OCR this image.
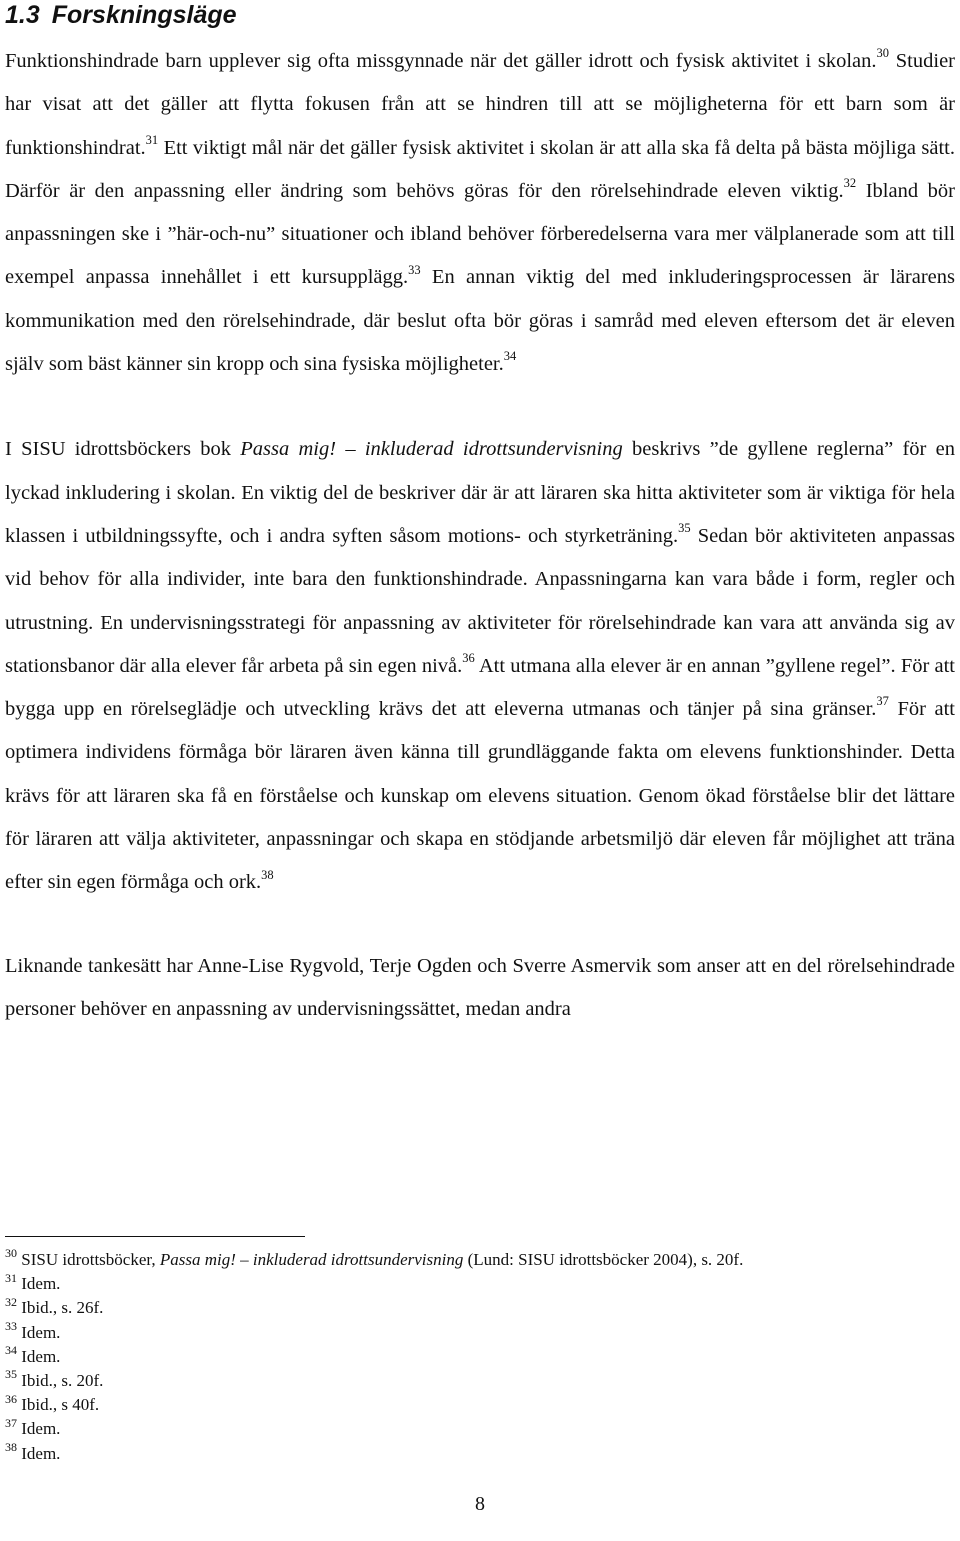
1.3 Forskningsläge

Funktionshindrade barn upplever sig ofta missgynnade när det gäller idrott och fysisk aktivitet i skolan.$^{30}$ Studier har visat att det gäller att flytta fokusen från att se hindren till att se möjligheterna för ett barn som är funktionshindrat.$^{31}$ Ett viktigt mål när det gäller fysisk aktivitet i skolan är att alla ska få delta på bästa möjliga sätt. Därför är den anpassning eller ändring som behövs göras för den rörelsehindrade eleven viktig.$^{32}$ Ibland bör anpassningen ske i ”här-och-nu” situationer och ibland behöver förberedelserna vara mer välplanerade som att till exempel anpassa innehållet i ett kursupplägg.$^{33}$ En annan viktig del med inkluderingsprocessen är lärarens kommunikation med den rörelsehindrade, där beslut ofta bör göras i samråd med eleven eftersom det är eleven själv som bäst känner sin kropp och sina fysiska möjligheter.$^{34}$

I SISU idrottsböckers bok Passa mig! – inkluderad idrottsundervisning beskrivs ”de gyllene reglerna” för en lyckad inkludering i skolan. En viktig del de beskriver där är att läraren ska hitta aktiviteter som är viktiga för hela klassen i utbildningssyfte, och i andra syften såsom motions- och styrketräning.$^{35}$ Sedan bör aktiviteten anpassas vid behov för alla individer, inte bara den funktionshindrade. Anpassningarna kan vara både i form, regler och utrustning. En undervisningsstrategi för anpassning av aktiviteter för rörelsehindrade kan vara att använda sig av stationsbanor där alla elever får arbeta på sin egen nivå.$^{36}$ Att utmana alla elever är en annan ”gyllene regel”. För att bygga upp en rörelseglädje och utveckling krävs det att eleverna utmanas och tänjer på sina gränser.$^{37}$ För att optimera individens förmåga bör läraren även känna till grundläggande fakta om elevens funktionshinder. Detta krävs för att läraren ska få en förståelse och kunskap om elevens situation. Genom ökad förståelse blir det lättare för läraren att välja aktiviteter, anpassningar och skapa en stödjande arbetsmiljö där eleven får möjlighet att träna efter sin egen förmåga och ork.$^{38}$

Liknande tankesätt har Anne-Lise Rygvold, Terje Ogden och Sverre Asmervik som anser att en del rörelsehindrade personer behöver en anpassning av undervisningssättet, medan andra

$^{30}$ SISU idrottsböcker, Passa mig! – inkluderad idrottsundervisning (Lund: SISU idrottsböcker 2004), s. 20f.

$^{31}$ Idem.

$^{32}$ Ibid., s. 26f.

$^{33}$ Idem.

$^{34}$ Idem.

$^{35}$ Ibid., s. 20f.

$^{36}$ Ibid., s 40f.

$^{37}$ Idem.

$^{38}$ Idem.

8
